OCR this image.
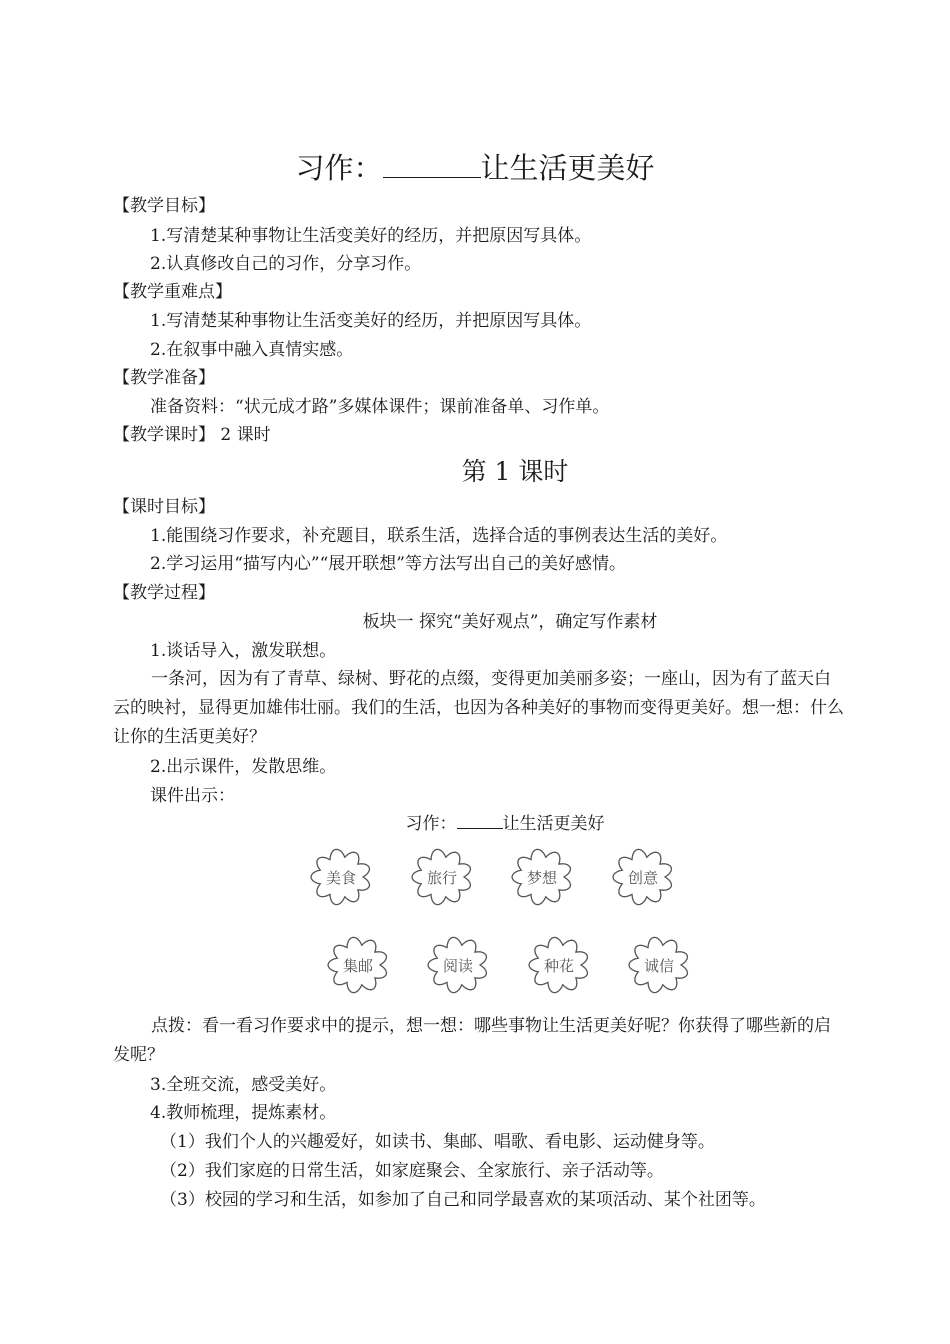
习作：	让生活更美好
【教学目标】
1.写清楚某种事物让生活变美好的经历，并把原因写具体。
2.认真修改自己的习作，分享习作。
【教学重难点】
1.写清楚某种事物让生活变美好的经历，并把原因写具体。
2.在叙事中融入真情实感。
【教学准备】
准备资料：“状元成才路”多媒体课件；课前准备单、习作单。
【教学课时】 2 课时
第 1 课时
【课时目标】
1.能围绕习作要求，补充题目，联系生活，选择合适的事例表达生活的美好。
2.学习运用“描写内心”“展开联想”等方法写出自己的美好感情。
【教学过程】
板块一 探究“美好观点”，确定写作素材
1.谈话导入，激发联想。
一条河，因为有了青草、绿树、野花的点缀，变得更加美丽多姿；一座山，因为有了蓝天白云的映衬，显得更加雄伟壮丽。我们的生活，也因为各种美好的事物而变得更美好。想一想：什么让你的生活更美好？
2.出示课件，发散思维。
课件出示：
习作：	让生活更美好
美食	旅行	梦想	创意
集邮	阅读	种花	诚信
点拨：看一看习作要求中的提示，想一想：哪些事物让生活更美好呢？你获得了哪些新的启发呢？
3.全班交流，感受美好。
4.教师梳理，提炼素材。
（1）我们个人的兴趣爱好，如读书、集邮、唱歌、看电影、运动健身等。
（2）我们家庭的日常生活，如家庭聚会、全家旅行、亲子活动等。
（3）校园的学习和生活，如参加了自己和同学最喜欢的某项活动、某个社团等。
